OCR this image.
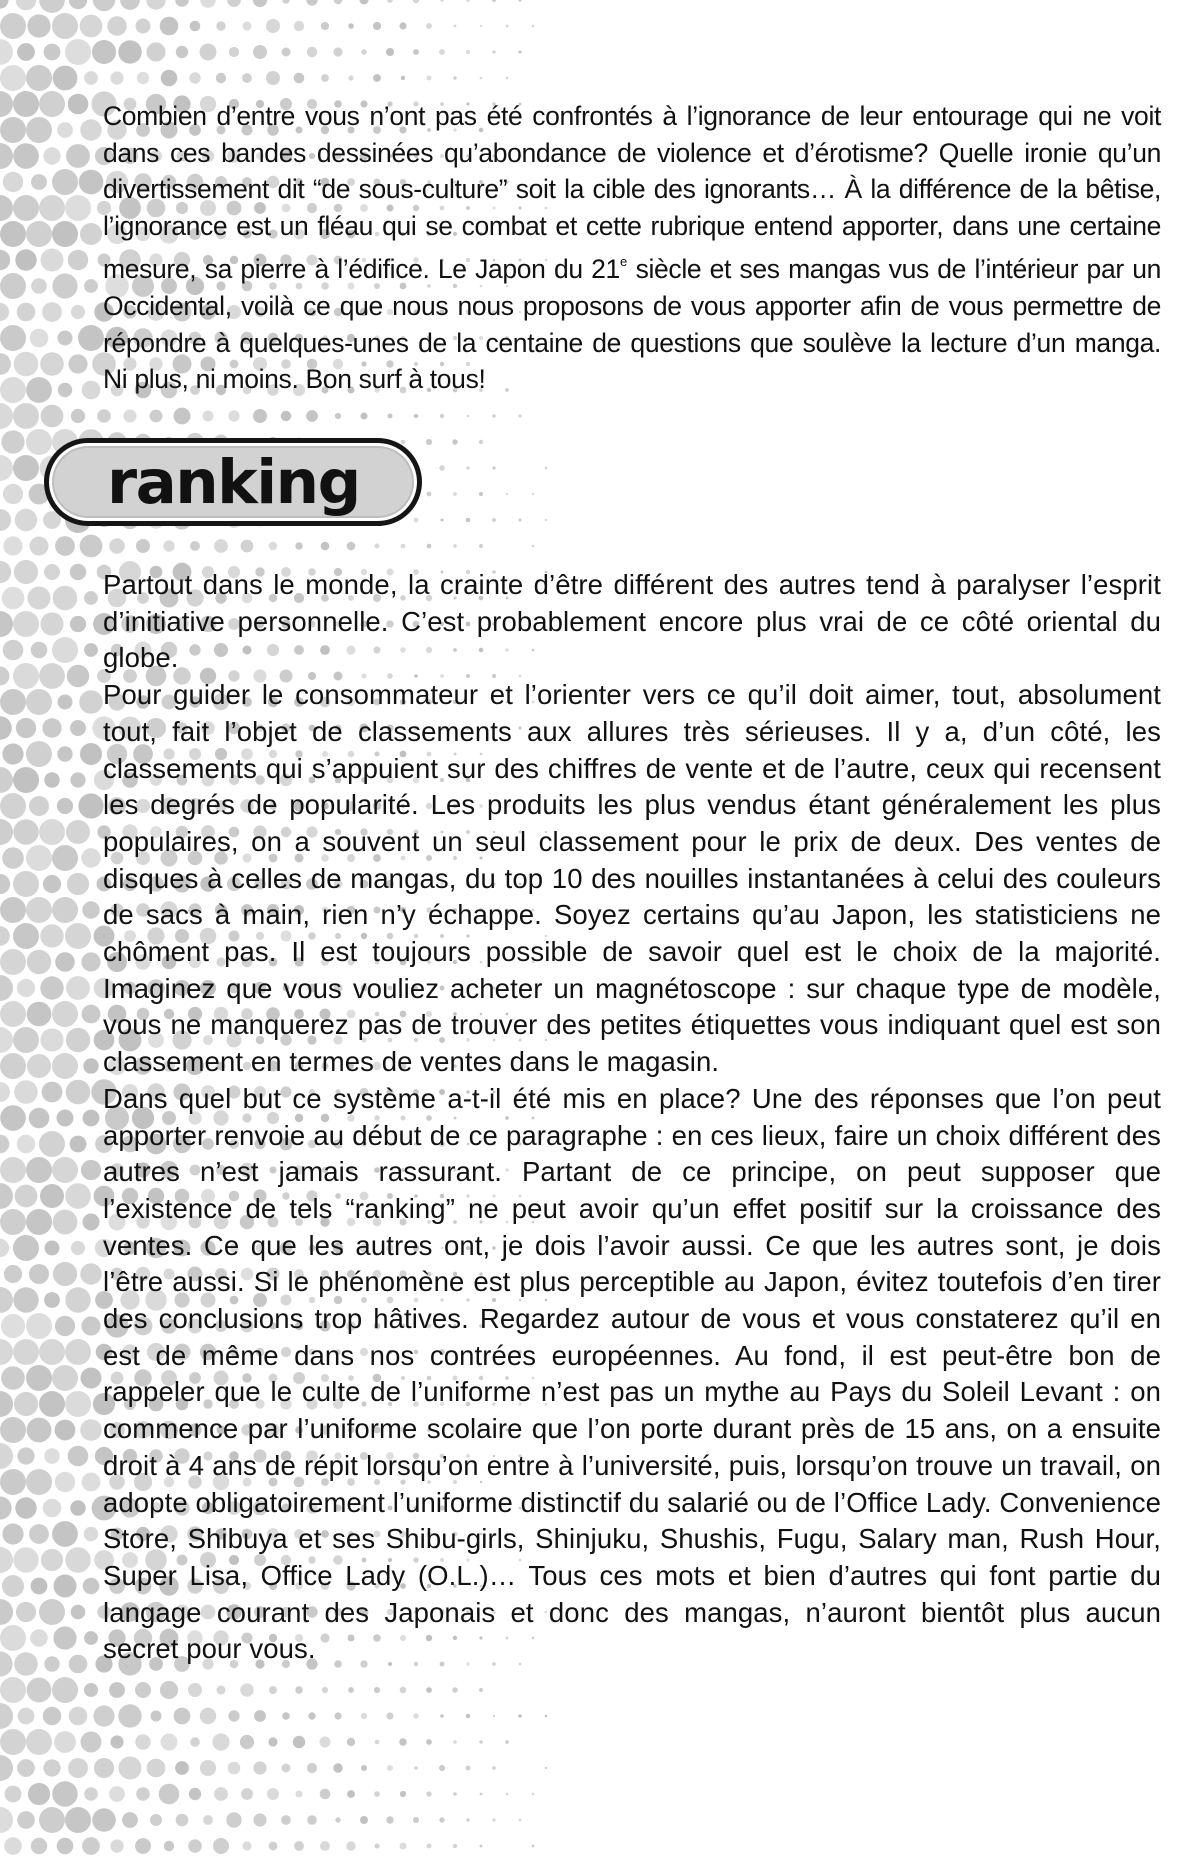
Combien d’entre vous n’ont pas été confrontés à l’ignorance de leur entourage qui ne voit dans ces bandes dessinées qu’abondance de violence et d’érotisme? Quelle ironie qu’un divertissement dit “de sous-culture” soit la cible des ignorants… À la différence de la bêtise, l’ignorance est un fléau qui se combat et cette rubrique entend apporter, dans une certaine mesure, sa pierre à l’édifice. Le Japon du 21e siècle et ses mangas vus de l’intérieur par un Occidental, voilà ce que nous nous proposons de vous apporter afin de vous permettre de répondre à quelques-unes de la centaine de questions que soulève la lecture d’un manga. Ni plus, ni moins. Bon surf à tous!

ranking

Partout dans le monde, la crainte d’être différent des autres tend à paralyser l’esprit d’initiative personnelle. C’est probablement encore plus vrai de ce côté oriental du globe.

Pour guider le consommateur et l’orienter vers ce qu’il doit aimer, tout, absolument tout, fait l’objet de classements aux allures très sérieuses. Il y a, d’un côté, les classements qui s’appuient sur des chiffres de vente et de l’autre, ceux qui recensent les degrés de popularité. Les produits les plus vendus étant généralement les plus populaires, on a souvent un seul classement pour le prix de deux. Des ventes de disques à celles de mangas, du top 10 des nouilles instantanées à celui des couleurs de sacs à main, rien n’y échappe. Soyez certains qu’au Japon, les statisticiens ne chôment pas. Il est toujours possible de savoir quel est le choix de la majorité. Imaginez que vous vouliez acheter un magnétoscope : sur chaque type de modèle, vous ne manquerez pas de trouver des petites étiquettes vous indiquant quel est son classement en termes de ventes dans le magasin.

Dans quel but ce système a-t-il été mis en place? Une des réponses que l’on peut apporter renvoie au début de ce paragraphe : en ces lieux, faire un choix différent des autres n’est jamais rassurant. Partant de ce principe, on peut supposer que l’existence de tels “ranking” ne peut avoir qu’un effet positif sur la croissance des ventes. Ce que les autres ont, je dois l’avoir aussi. Ce que les autres sont, je dois l’être aussi. Si le phénomène est plus perceptible au Japon, évitez toutefois d’en tirer des conclusions trop hâtives. Regardez autour de vous et vous constaterez qu’il en est de même dans nos contrées européennes. Au fond, il est peut-être bon de rappeler que le culte de l’uniforme n’est pas un mythe au Pays du Soleil Levant : on commence par l’uniforme scolaire que l’on porte durant près de 15 ans, on a ensuite droit à 4 ans de répit lorsqu’on entre à l’université, puis, lorsqu’on trouve un travail, on adopte obligatoirement l’uniforme distinctif du salarié ou de l’Office Lady. Convenience Store, Shibuya et ses Shibu-girls, Shinjuku, Shushis, Fugu, Salary man, Rush Hour, Super Lisa, Office Lady (O.L.)… Tous ces mots et bien d’autres qui font partie du langage courant des Japonais et donc des mangas, n’auront bientôt plus aucun secret pour vous.
